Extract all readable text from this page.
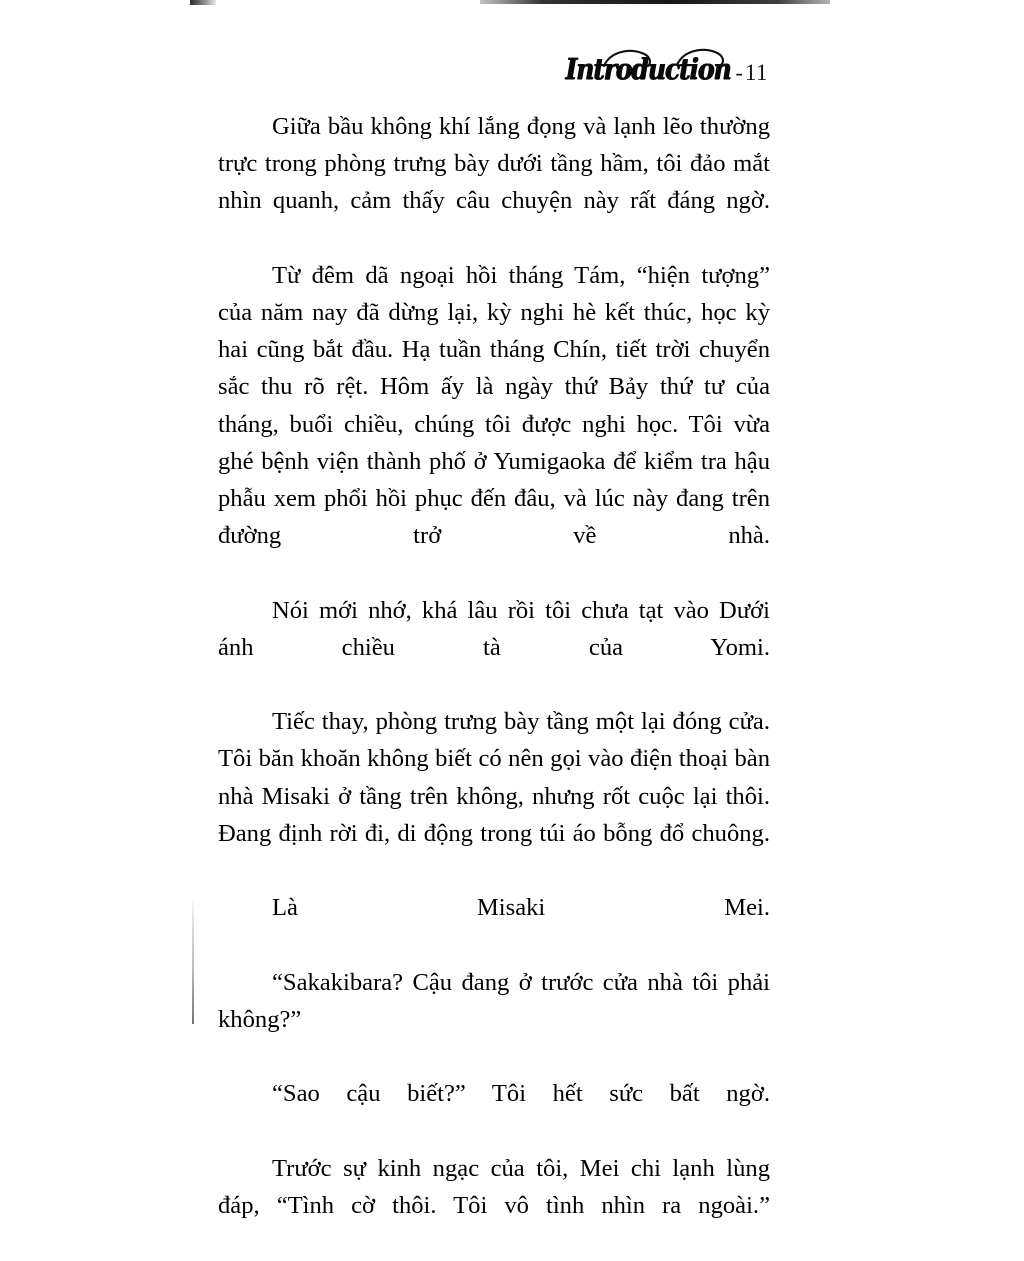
Introduction -11

Giữa bầu không khí lắng đọng và lạnh lẽo thường trực trong phòng trưng bày dưới tầng hầm, tôi đảo mắt nhìn quanh, cảm thấy câu chuyện này rất đáng ngờ.

Từ đêm dã ngoại hồi tháng Tám, “hiện tượng” của năm nay đã dừng lại, kỳ nghi hè kết thúc, học kỳ hai cũng bắt đầu. Hạ tuần tháng Chín, tiết trời chuyển sắc thu rõ rệt. Hôm ấy là ngày thứ Bảy thứ tư của tháng, buổi chiều, chúng tôi được nghi học. Tôi vừa ghé bệnh viện thành phố ở Yumigaoka để kiểm tra hậu phẫu xem phổi hồi phục đến đâu, và lúc này đang trên đường trở về nhà.

Nói mới nhớ, khá lâu rồi tôi chưa tạt vào Dưới ánh chiều tà của Yomi.

Tiếc thay, phòng trưng bày tầng một lại đóng cửa. Tôi băn khoăn không biết có nên gọi vào điện thoại bàn nhà Misaki ở tầng trên không, nhưng rốt cuộc lại thôi. Đang định rời đi, di động trong túi áo bỗng đổ chuông.

Là Misaki Mei.

“Sakakibara? Cậu đang ở trước cửa nhà tôi phải không?”

“Sao cậu biết?” Tôi hết sức bất ngờ.

Trước sự kinh ngạc của tôi, Mei chi lạnh lùng đáp, “Tình cờ thôi. Tôi vô tình nhìn ra ngoài.”
